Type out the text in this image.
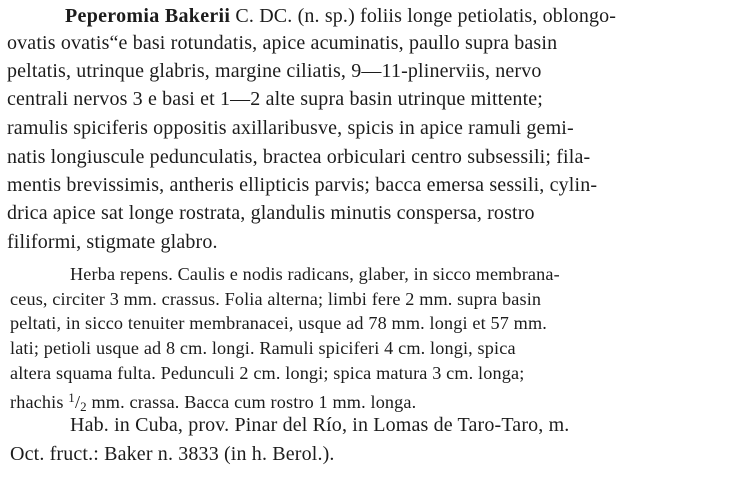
Peperomia Bakerii C. DC. (n. sp.) foliis longe petiolatis, oblongo-
ovatis ovatis“e basi rotundatis, apice acuminatis, paullo supra basin
peltatis, utrinque glabris, margine ciliatis, 9—11-plinerviis, nervo
centrali nervos 3 e basi et 1—2 alte supra basin utrinque mittente;
ramulis spiciferis oppositis axillaribusve, spicis in apice ramuli gemi-
natis longiuscule pedunculatis, bractea orbiculari centro subsessili; fila-
mentis brevissimis, antheris ellipticis parvis; bacca emersa sessili, cylin-
drica apice sat longe rostrata, glandulis minutis conspersa, rostro
filiformi, stigmate glabro.
Herba repens. Caulis e nodis radicans, glaber, in sicco membrana-
ceus, circiter 3 mm. crassus. Folia alterna; limbi fere 2 mm. supra basin
peltati, in sicco tenuiter membranacei, usque ad 78 mm. longi et 57 mm.
lati; petioli usque ad 8 cm. longi. Ramuli spiciferi 4 cm. longi, spica
altera squama fulta. Pedunculi 2 cm. longi; spica matura 3 cm. longa;
rhachis $^1$/2 mm. crassa. Bacca cum rostro 1 mm. longa.
Hab. in Cuba, prov. Pinar del Río, in Lomas de Taro-Taro, m.
Oct. fruct.: Baker n. 3833 (in h. Berol.).
